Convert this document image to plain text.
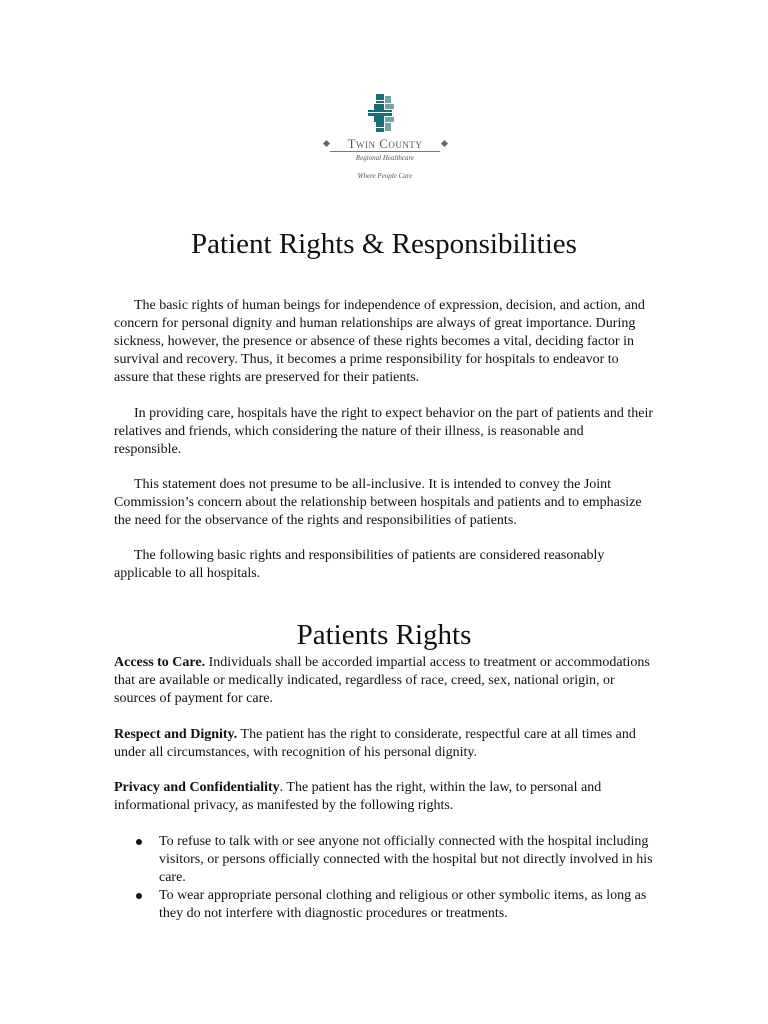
Twin County
Regional Healthcare
Where People Care
Patient Rights & Responsibilities

The basic rights of human beings for independence of expression, decision, and action, and concern for personal dignity and human relationships are always of great importance. During sickness, however, the presence or absence of these rights becomes a vital, deciding factor in survival and recovery. Thus, it becomes a prime responsibility for hospitals to endeavor to assure that these rights are preserved for their patients.

In providing care, hospitals have the right to expect behavior on the part of patients and their relatives and friends, which considering the nature of their illness, is reasonable and responsible.

This statement does not presume to be all-inclusive. It is intended to convey the Joint Commission’s concern about the relationship between hospitals and patients and to emphasize the need for the observance of the rights and responsibilities of patients.

The following basic rights and responsibilities of patients are considered reasonably applicable to all hospitals.

Patients Rights

Access to Care. Individuals shall be accorded impartial access to treatment or accommodations that are available or medically indicated, regardless of race, creed, sex, national origin, or sources of payment for care.

Respect and Dignity. The patient has the right to considerate, respectful care at all times and under all circumstances, with recognition of his personal dignity.

Privacy and Confidentiality. The patient has the right, within the law, to personal and informational privacy, as manifested by the following rights.

To refuse to talk with or see anyone not officially connected with the hospital including visitors, or persons officially connected with the hospital but not directly involved in his care.
To wear appropriate personal clothing and religious or other symbolic items, as long as they do not interfere with diagnostic procedures or treatments.
